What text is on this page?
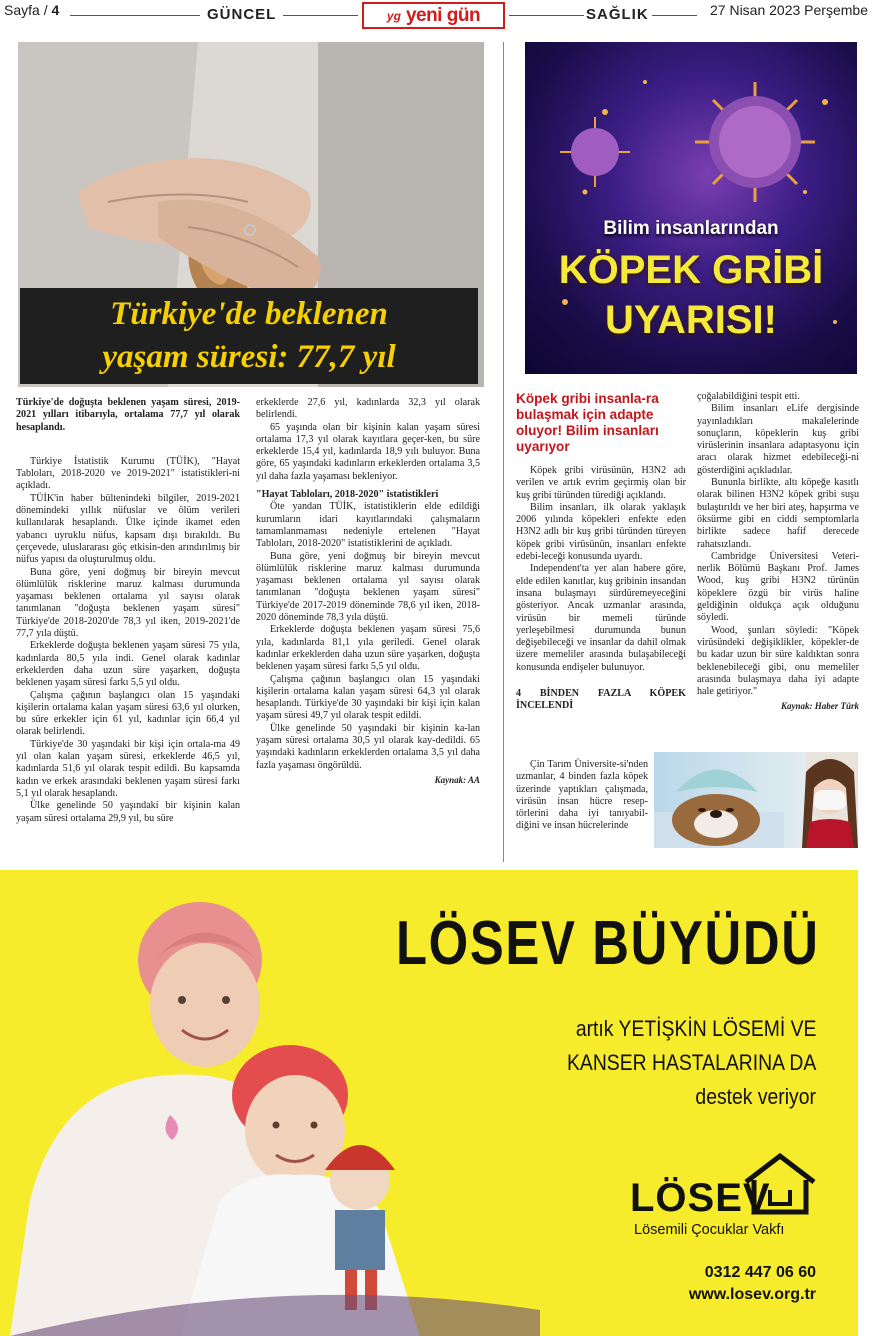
Sayfa / 4	GÜNCEL	yg yeni gün	SAĞLIK	27 Nisan 2023 Perşembe
Türkiye'de beklenen
yaşam süresi: 77,7 yıl

Türkiye'de doğuşta beklenen yaşam süresi, 2019-2021 yılları itibarıyla, ortalama 77,7 yıl olarak hesaplandı.

Türkiye İstatistik Kurumu (TÜİK), "Hayat Tabloları, 2018-2020 ve 2019-2021" istatistikleri-ni açıkladı.

TÜİK'in haber bültenindeki bilgiler, 2019-2021 dönemindeki yıllık nüfuslar ve ölüm verileri kullanılarak hesaplandı. Ülke içinde ikamet eden yabancı uyruklu nüfus, kapsam dışı bırakıldı. Bu çerçevede, uluslararası göç etkisin-den arındırılmış bir nüfus yapısı da oluşturulmuş oldu.

Buna göre, yeni doğmuş bir bireyin mevcut ölümlülük risklerine maruz kalması durumunda yaşaması beklenen ortalama yıl sayısı olarak tanımlanan "doğuşta beklenen yaşam süresi" Türkiye'de 2018-2020'de 78,3 yıl iken, 2019-2021'de 77,7 yıla düştü.

Erkeklerde doğuşta beklenen yaşam süresi 75 yıla, kadınlarda 80,5 yıla indi. Genel olarak kadınlar erkeklerden daha uzun süre yaşarken, doğuşta beklenen yaşam süresi farkı 5,5 yıl oldu.

Çalışma çağının başlangıcı olan 15 yaşındaki kişilerin ortalama kalan yaşam süresi 63,6 yıl olurken, bu süre erkekler için 61 yıl, kadınlar için 66,4 yıl olarak belirlendi.

Türkiye'de 30 yaşındaki bir kişi için ortala-ma 49 yıl olan kalan yaşam süresi, erkeklerde 46,5 yıl, kadınlarda 51,6 yıl olarak tespit edildi. Bu kapsamda kadın ve erkek arasındaki beklenen yaşam süresi farkı 5,1 yıl olarak hesaplandı.

Ülke genelinde 50 yaşındaki bir kişinin kalan yaşam süresi ortalama 29,9 yıl, bu süre

erkeklerde 27,6 yıl, kadınlarda 32,3 yıl olarak belirlendi.

65 yaşında olan bir kişinin kalan yaşam süresi ortalama 17,3 yıl olarak kayıtlara geçer-ken, bu süre erkeklerde 15,4 yıl, kadınlarda 18,9 yılı buluyor. Buna göre, 65 yaşındaki kadınların erkeklerden ortalama 3,5 yıl daha fazla yaşaması bekleniyor.

"Hayat Tabloları, 2018-2020" istatistikleri

Öte yandan TÜİK, istatistiklerin elde edildiği kurumların idari kayıtlarındaki çalışmaların tamamlanmaması nedeniyle ertelenen "Hayat Tabloları, 2018-2020" istatistiklerini de açıkladı.

Buna göre, yeni doğmuş bir bireyin mevcut ölümlülük risklerine maruz kalması durumunda yaşaması beklenen ortalama yıl sayısı olarak tanımlanan "doğuşta beklenen yaşam süresi" Türkiye'de 2017-2019 döneminde 78,6 yıl iken, 2018-2020 döneminde 78,3 yıla düştü.

Erkeklerde doğuşta beklenen yaşam süresi 75,6 yıla, kadınlarda 81,1 yıla geriledi. Genel olarak kadınlar erkeklerden daha uzun süre yaşarken, doğuşta beklenen yaşam süresi farkı 5,5 yıl oldu.

Çalışma çağının başlangıcı olan 15 yaşındaki kişilerin ortalama kalan yaşam süresi 64,3 yıl olarak hesaplandı. Türkiye'de 30 yaşındaki bir kişi için kalan yaşam süresi 49,7 yıl olarak tespit edildi.

Ülke genelinde 50 yaşındaki bir kişinin ka-lan yaşam süresi ortalama 30,5 yıl olarak kay-dedildi. 65 yaşındaki kadınların erkeklerden ortalama 3,5 yıl daha fazla yaşaması öngörüldü.

Kaynak: AA

Bilim insanlarından
KÖPEK GRİBİ
UYARISI!
Köpek gribi insanla-ra bulaşmak için adapte oluyor! Bilim insanları uyarıyor

Köpek gribi virüsünün, H3N2 adı verilen ve artık evrim geçirmiş olan bir kuş gribi türünden türediği açıklandı.

Bilim insanları, ilk olarak yaklaşık 2006 yılında köpekleri enfekte eden H3N2 adlı bir kuş gribi türünden türeyen köpek gribi virüsünün, insanları enfekte edebi-leceği konusunda uyardı.

Independent'ta yer alan habere göre, elde edilen kanıtlar, kuş gribinin insandan insana bulaşmayı sürdüremeyeceğini gösteriyor. Ancak uzmanlar arasında, virüsün bir memeli türünde yerleşebilmesi durumunda bunun değişebileceği ve insanlar da dahil olmak üzere memeliler arasında bulaşabileceği konusunda endişeler bulunuyor.

4 BİNDEN FAZLA KÖPEK İNCELENDİ

Çin Tarım Üniversite-si'nden uzmanlar, 4 binden fazla köpek üzerinde yaptıkları çalışmada, virüsün insan hücre resep-törlerini daha iyi tanıyabil-diğini ve insan hücrelerinde

çoğalabildiğini tespit etti.

Bilim insanları eLife dergisinde yayınladıkları makalelerinde sonuçların, köpeklerin kuş gribi virüslerinin insanlara adaptasyonu için aracı olarak hizmet edebileceği-ni gösterdiğini açıkladılar.

Bununla birlikte, altı köpeğe kasıtlı olarak bilinen H3N2 köpek gribi suşu bulaştırıldı ve her biri ateş, hapşırma ve öksürme gibi en ciddi semptomlarla birlikte sadece hafif derecede rahatsızlandı.

Cambridge Üniversitesi Veteri-nerlik Bölümü Başkanı Prof. James Wood, kuş gribi H3N2 türünün köpeklere özgü bir virüs haline geldiğinin oldukça açık olduğunu söyledi.

Wood, şunları söyledi: "Köpek virüsündeki değişiklikler, köpekler-de bu kadar uzun bir süre kaldıktan sonra beklenebileceği gibi, onu memeliler arasında bulaşmaya daha iyi adapte hale getiriyor."

Kaynak: Haber Türk

LÖSEV BÜYÜDÜ
artık YETİŞKİN LÖSEMİ VE
KANSER HASTALARINA DA
destek veriyor
LÖSEV
Lösemili Çocuklar Vakfı
0312 447 06 60
www.losev.org.tr
